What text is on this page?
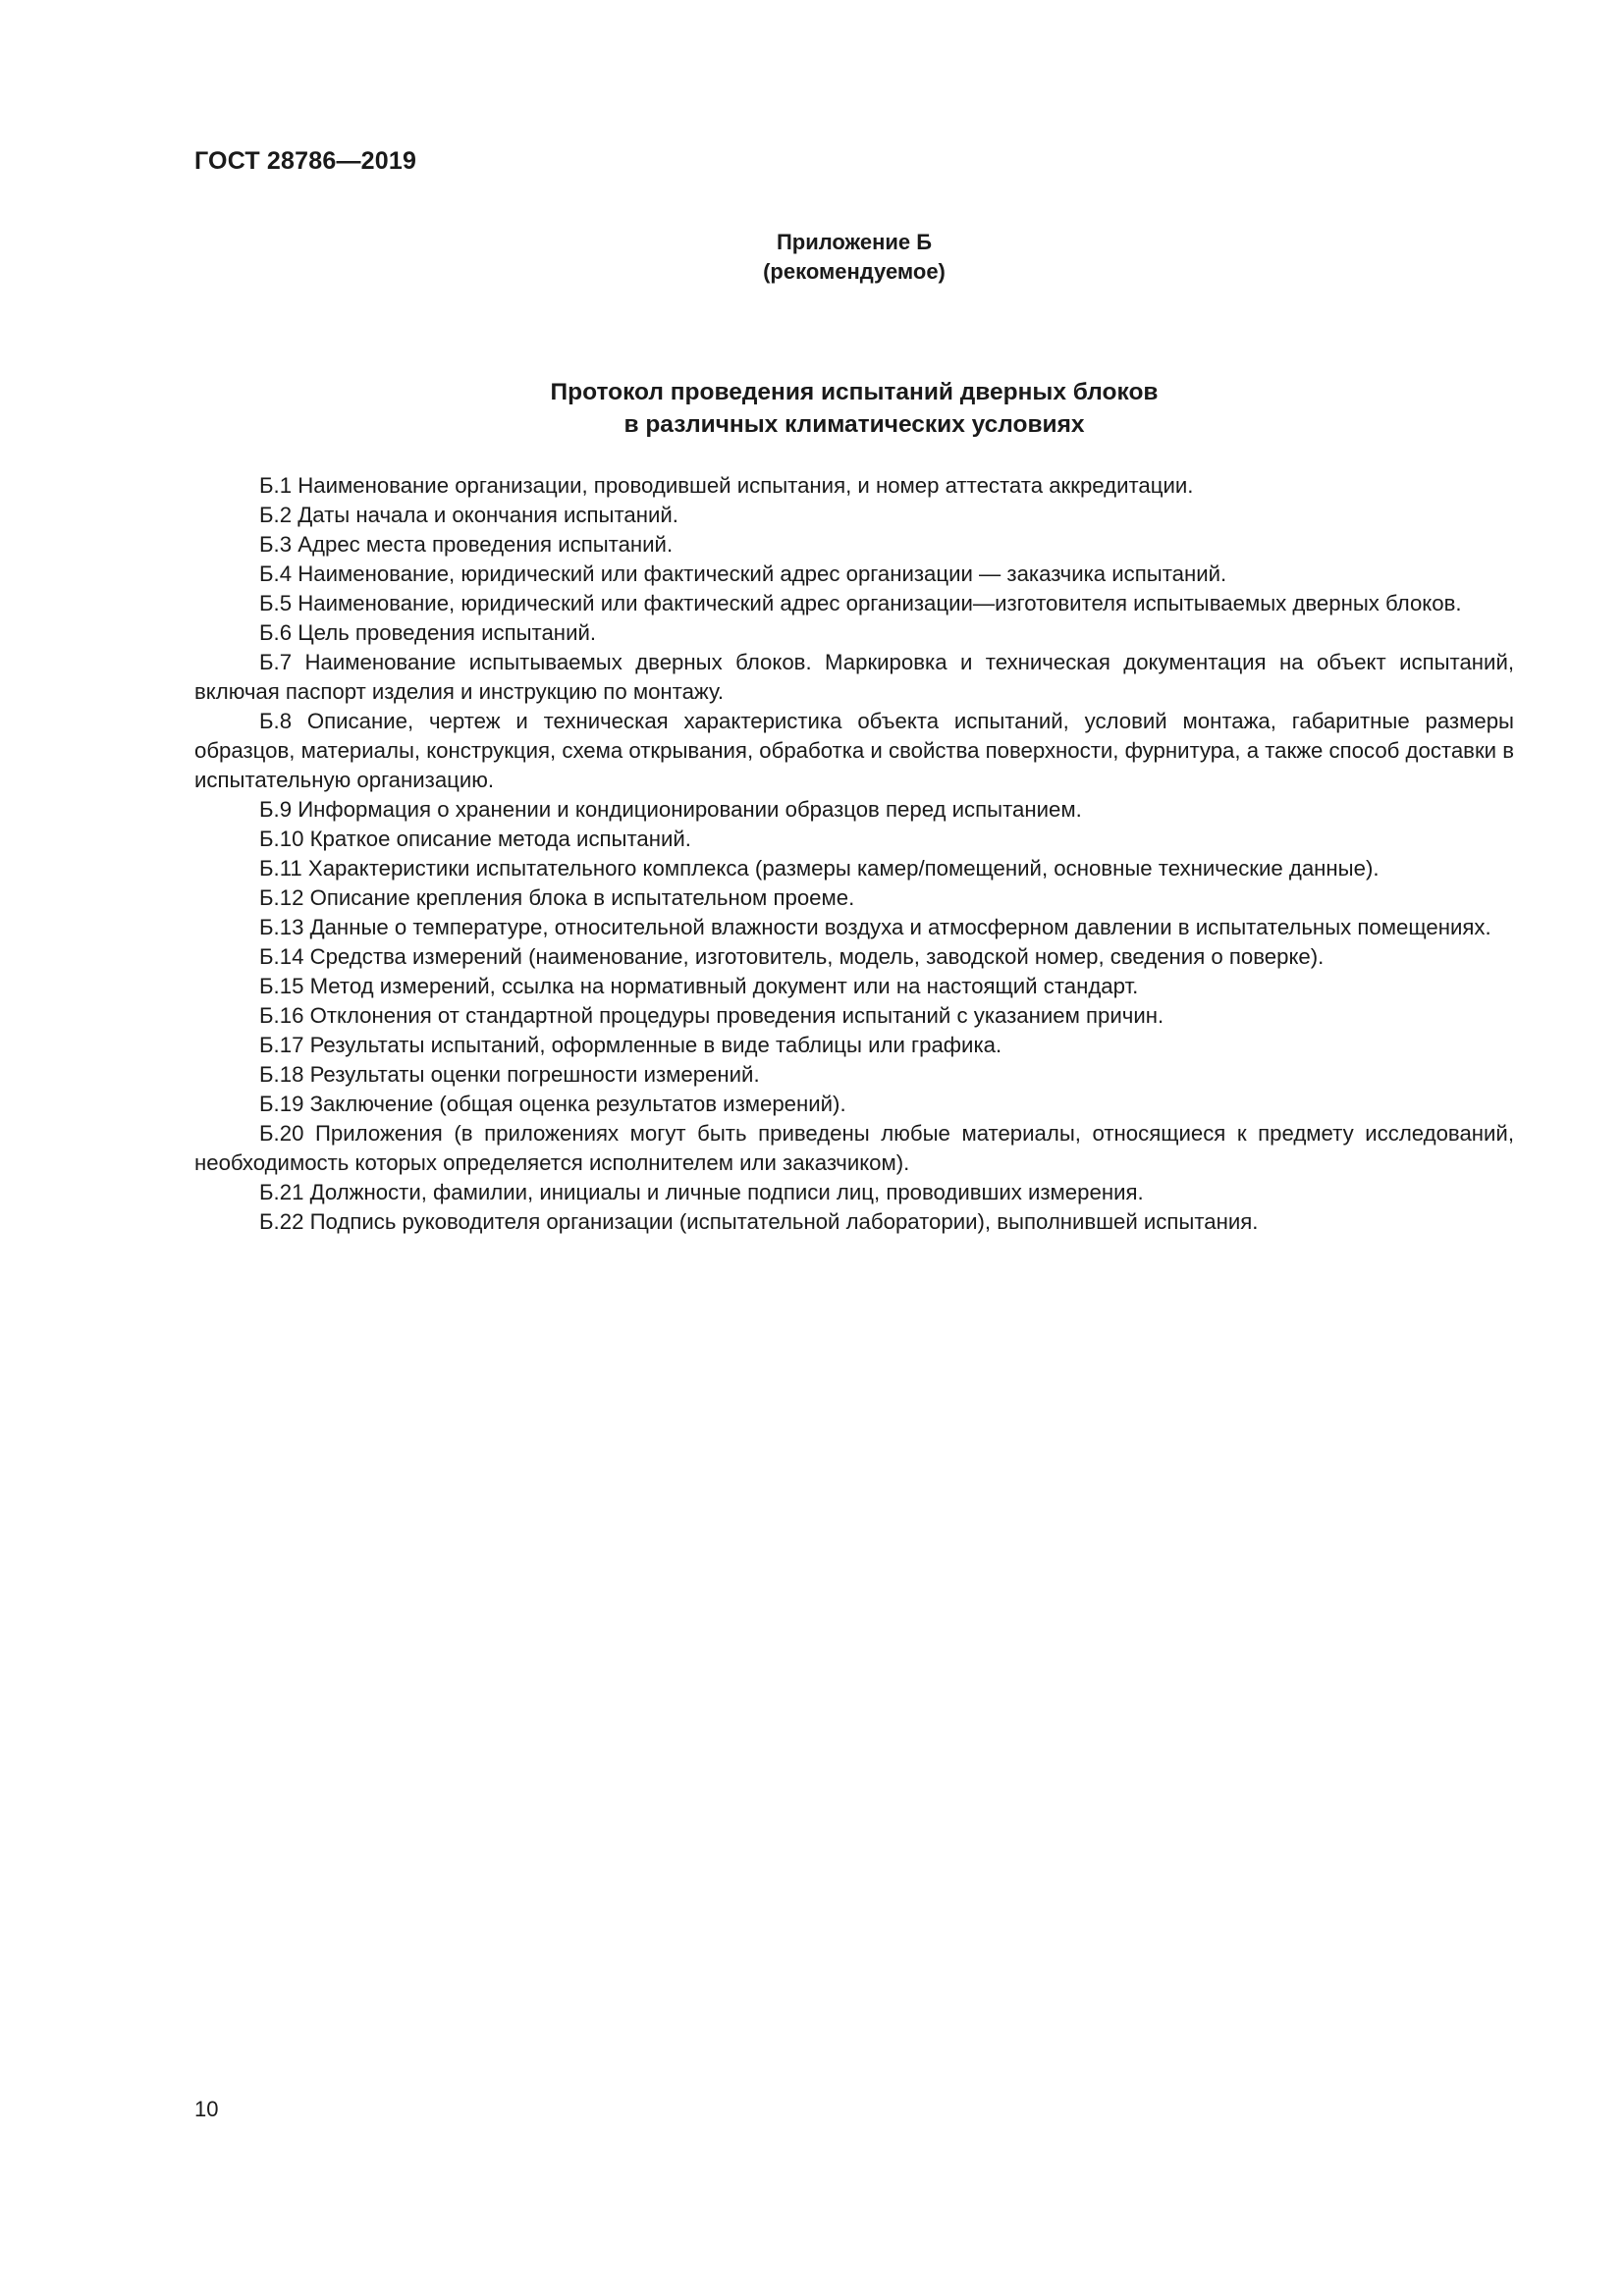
ГОСТ 28786—2019
Приложение Б
(рекомендуемое)
Протокол проведения испытаний дверных блоков
в различных климатических условиях

Б.1 Наименование организации, проводившей испытания, и номер аттестата аккредитации.

Б.2 Даты начала и окончания испытаний.

Б.3 Адрес места проведения испытаний.

Б.4 Наименование, юридический или фактический адрес организации — заказчика испытаний.

Б.5 Наименование, юридический или фактический адрес организации—изготовителя испытываемых дверных блоков.

Б.6 Цель проведения испытаний.

Б.7 Наименование испытываемых дверных блоков. Маркировка и техническая документация на объект испытаний, включая паспорт изделия и инструкцию по монтажу.

Б.8 Описание, чертеж и техническая характеристика объекта испытаний, условий монтажа, габаритные размеры образцов, материалы, конструкция, схема открывания, обработка и свойства поверхности, фурнитура, а также способ доставки в испытательную организацию.

Б.9 Информация о хранении и кондиционировании образцов перед испытанием.

Б.10 Краткое описание метода испытаний.

Б.11 Характеристики испытательного комплекса (размеры камер/помещений, основные технические данные).

Б.12 Описание крепления блока в испытательном проеме.

Б.13 Данные о температуре, относительной влажности воздуха и атмосферном давлении в испытательных помещениях.

Б.14 Средства измерений (наименование, изготовитель, модель, заводской номер, сведения о поверке).

Б.15 Метод измерений, ссылка на нормативный документ или на настоящий стандарт.

Б.16 Отклонения от стандартной процедуры проведения испытаний с указанием причин.

Б.17 Результаты испытаний, оформленные в виде таблицы или графика.

Б.18 Результаты оценки погрешности измерений.

Б.19 Заключение (общая оценка результатов измерений).

Б.20 Приложения (в приложениях могут быть приведены любые материалы, относящиеся к предмету исследований, необходимость которых определяется исполнителем или заказчиком).

Б.21 Должности, фамилии, инициалы и личные подписи лиц, проводивших измерения.

Б.22 Подпись руководителя организации (испытательной лаборатории), выполнившей испытания.

10
